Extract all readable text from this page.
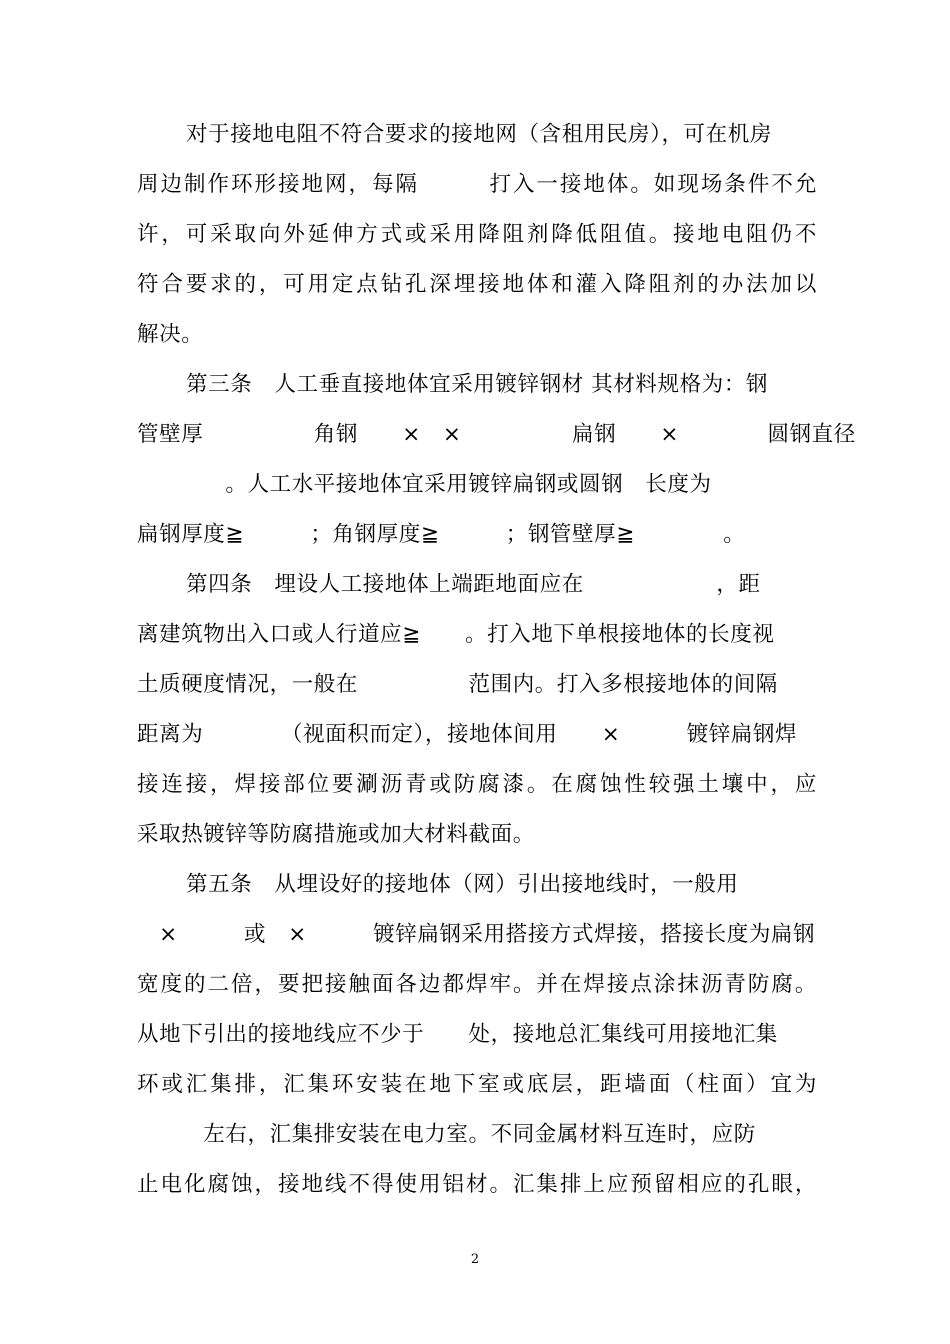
对于接地电阻不符合要求的接地网（含租用民房），可在机房
周边制作环形接地网，每隔　　　打入一接地体。如现场条件不允
许，可采取向外延伸方式或采用降阻剂降低阻值。接地电阻仍不
符合要求的，可用定点钻孔深埋接地体和灌入降阻剂的办法加以
解决。
第三条　人工垂直接地体宜采用镀锌钢材 其材料规格为：钢
管壁厚　　　　　角钢　　×　×　　　　　扁钢　　×　　　　圆钢直径
　　　　。人工水平接地体宜采用镀锌扁钢或圆钢　长度为
扁钢厚度≧　　　；角钢厚度≧　　　；钢管壁厚≧　　　　。
第四条　埋设人工接地体上端距地面应在　　　　　　，距
离建筑物出入口或人行道应≧　　。打入地下单根接地体的长度视
土质硬度情况，一般在　　　　　范围内。打入多根接地体的间隔
距离为　　　　（视面积而定），接地体间用　　×　　　镀锌扁钢焊
接连接，焊接部位要涮沥青或防腐漆。在腐蚀性较强土壤中，应
采取热镀锌等防腐措施或加大材料截面。
第五条　从埋设好的接地体（网）引出接地线时，一般用
　×　　　或　×　　　镀锌扁钢采用搭接方式焊接，搭接长度为扁钢
宽度的二倍，要把接触面各边都焊牢。并在焊接点涂抹沥青防腐。
从地下引出的接地线应不少于　　处，接地总汇集线可用接地汇集
环或汇集排，汇集环安装在地下室或底层，距墙面（柱面）宜为
　　　左右，汇集排安装在电力室。不同金属材料互连时，应防
止电化腐蚀，接地线不得使用铝材。汇集排上应预留相应的孔眼，
2
